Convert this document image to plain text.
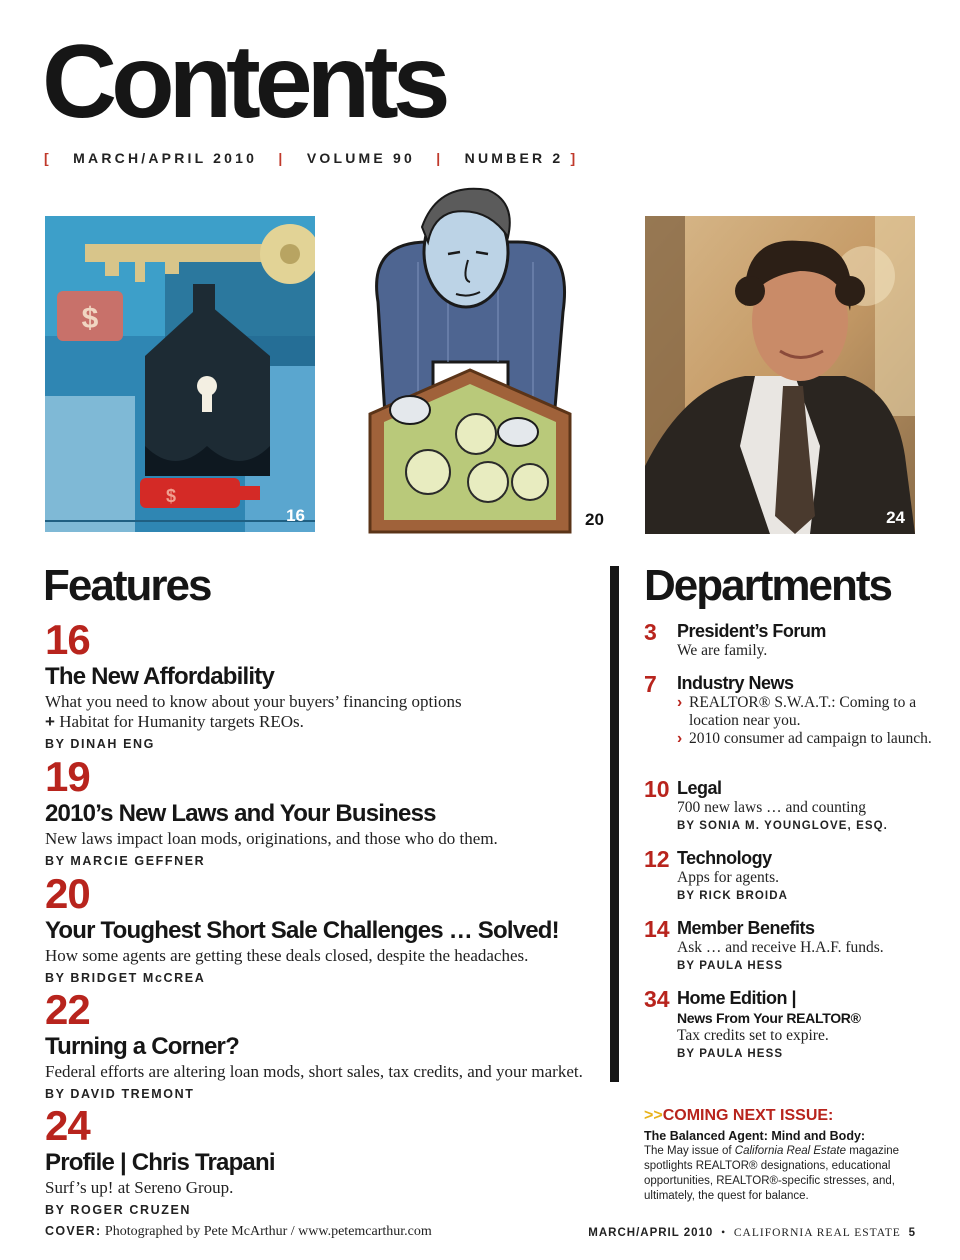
Contents
[ MARCH/APRIL 2010 | VOLUME 90 | NUMBER 2 ]
$
$
16	20	24
Features
16
The New Affordability
What you need to know about your buyers’ financing options
+ Habitat for Humanity targets REOs.
BY DINAH ENG
19
2010’s New Laws and Your Business
New laws impact loan mods, originations, and those who do them.
BY MARCIE GEFFNER
20
Your Toughest Short Sale Challenges … Solved!
How some agents are getting these deals closed, despite the headaches.
BY BRIDGET McCREA
22
Turning a Corner?
Federal efforts are altering loan mods, short sales, tax credits, and your market.
BY DAVID TREMONT
24
Profile | Chris Trapani
Surf’s up! at Sereno Group.
BY ROGER CRUZEN
Departments
3 President’s Forum
We are family.
7 Industry News
› REALTOR® S.W.A.T.: Coming to a location near you.
› 2010 consumer ad campaign to launch.
10 Legal
700 new laws … and counting
BY SONIA M. YOUNGLOVE, ESQ.
12 Technology
Apps for agents.
BY RICK BROIDA
14 Member Benefits
Ask … and receive H.A.F. funds.
BY PAULA HESS
34 Home Edition |
News From Your REALTOR®
Tax credits set to expire.
BY PAULA HESS
>>COMING NEXT ISSUE:
The Balanced Agent: Mind and Body:
The May issue of California Real Estate magazine spotlights REALTOR® designations, educational opportunities, REALTOR®-specific stresses, and, ultimately, the quest for balance.
COVER: Photographed by Pete McArthur / www.petemcarthur.com	MARCH/APRIL 2010 • CALIFORNIA REAL ESTATE 5
